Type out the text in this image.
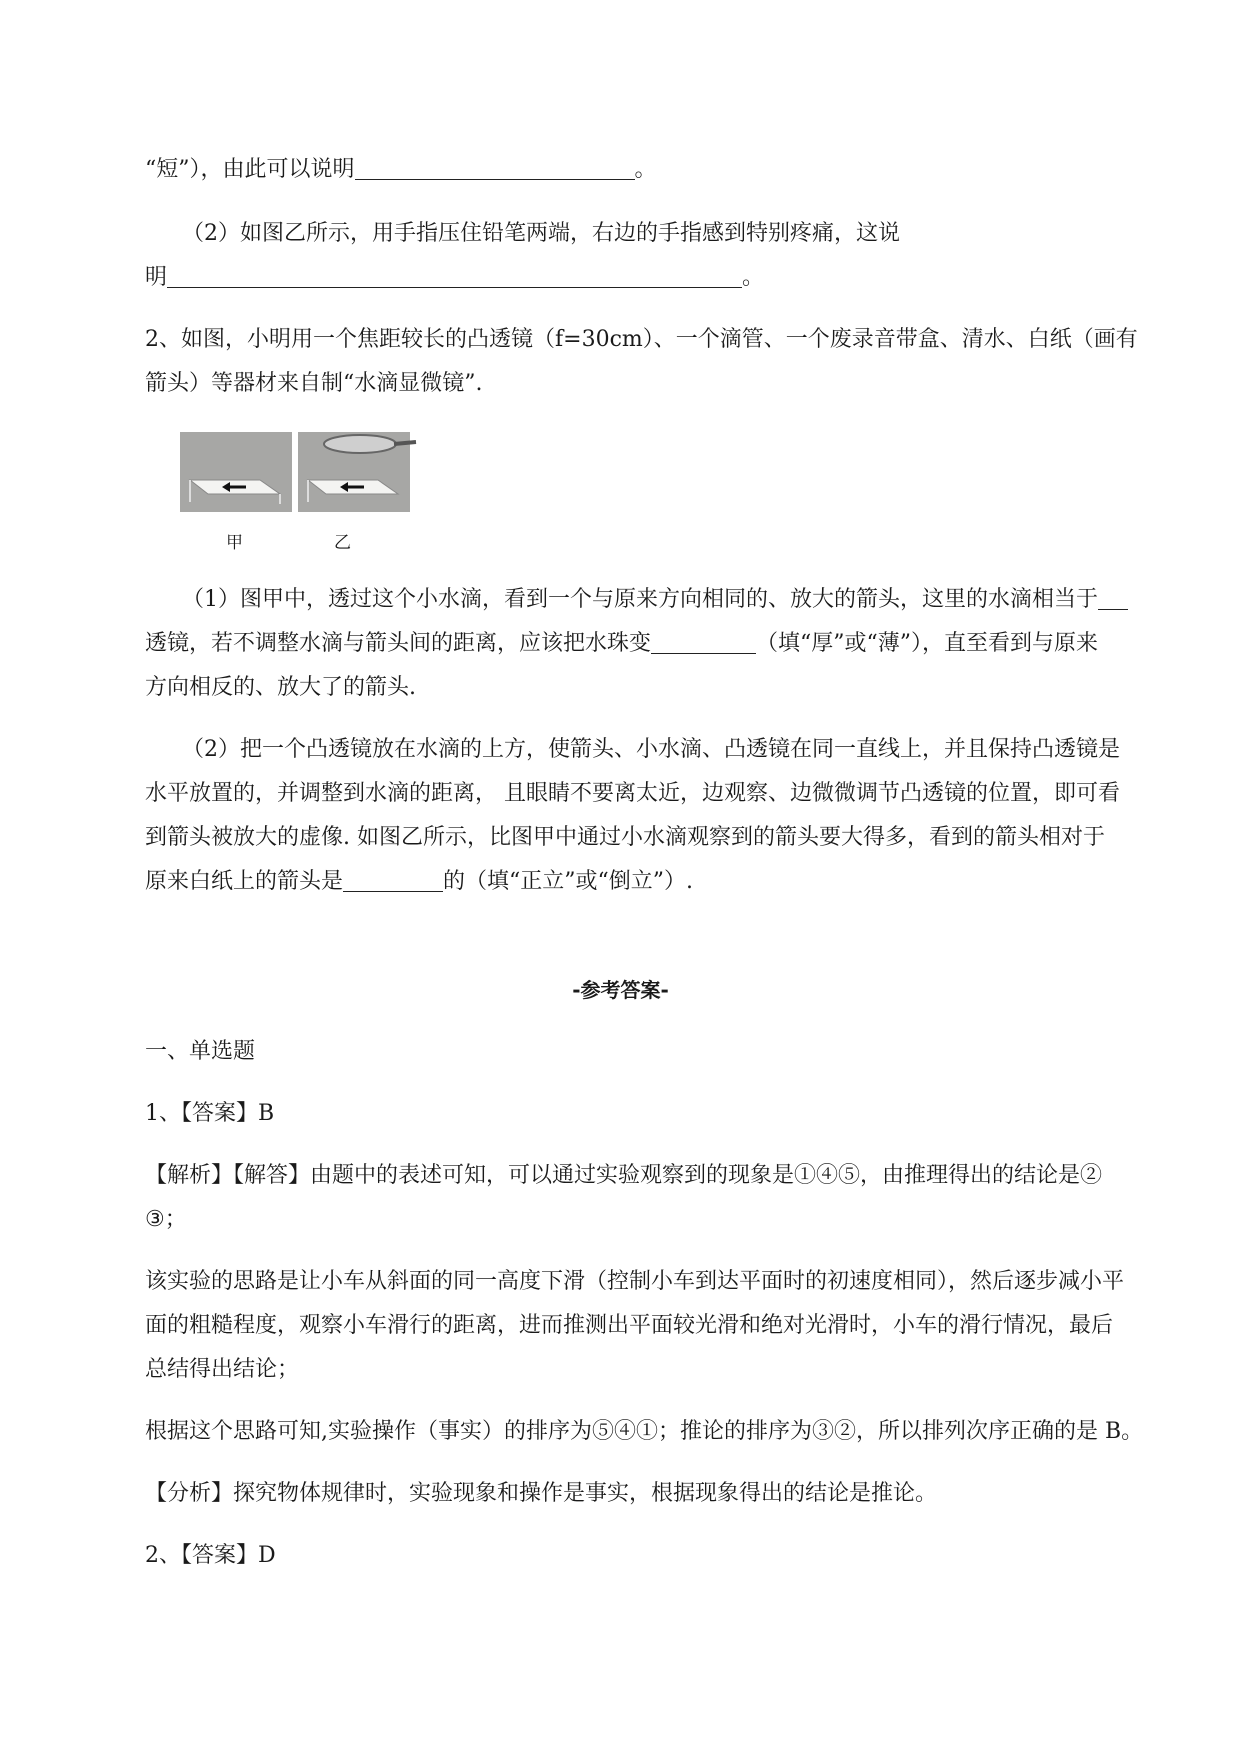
“短”），由此可以说明	。
（2）如图乙所示，用手指压住铅笔两端，右边的手指感到特别疼痛，这说
明	。
2、如图，小明用一个焦距较长的凸透镜（f=30cm）、一个滴管、一个废录音带盒、清水、白纸（画有
箭头）等器材来自制“水滴显微镜”.
甲	乙
（1）图甲中，透过这个小水滴，看到一个与原来方向相同的、放大的箭头，这里的水滴相当于
透镜，若不调整水滴与箭头间的距离，应该把水珠变	（填“厚”或“薄”），直至看到与原来
方向相反的、放大了的箭头.
（2）把一个凸透镜放在水滴的上方，使箭头、小水滴、凸透镜在同一直线上，并且保持凸透镜是
水平放置的，并调整到水滴的距离， 且眼睛不要离太近，边观察、边微微调节凸透镜的位置，即可看
到箭头被放大的虚像. 如图乙所示，比图甲中通过小水滴观察到的箭头要大得多，看到的箭头相对于
原来白纸上的箭头是	的（填“正立”或“倒立”）.
-参考答案-
一、单选题
1、【答案】B
【解析】【解答】由题中的表述可知，可以通过实验观察到的现象是①④⑤，由推理得出的结论是②
③；
该实验的思路是让小车从斜面的同一高度下滑（控制小车到达平面时的初速度相同），然后逐步减小平
面的粗糙程度，观察小车滑行的距离，进而推测出平面较光滑和绝对光滑时，小车的滑行情况，最后
总结得出结论；
根据这个思路可知,实验操作（事实）的排序为⑤④①；推论的排序为③②，所以排列次序正确的是 B。
【分析】探究物体规律时，实验现象和操作是事实，根据现象得出的结论是推论。
2、【答案】D
